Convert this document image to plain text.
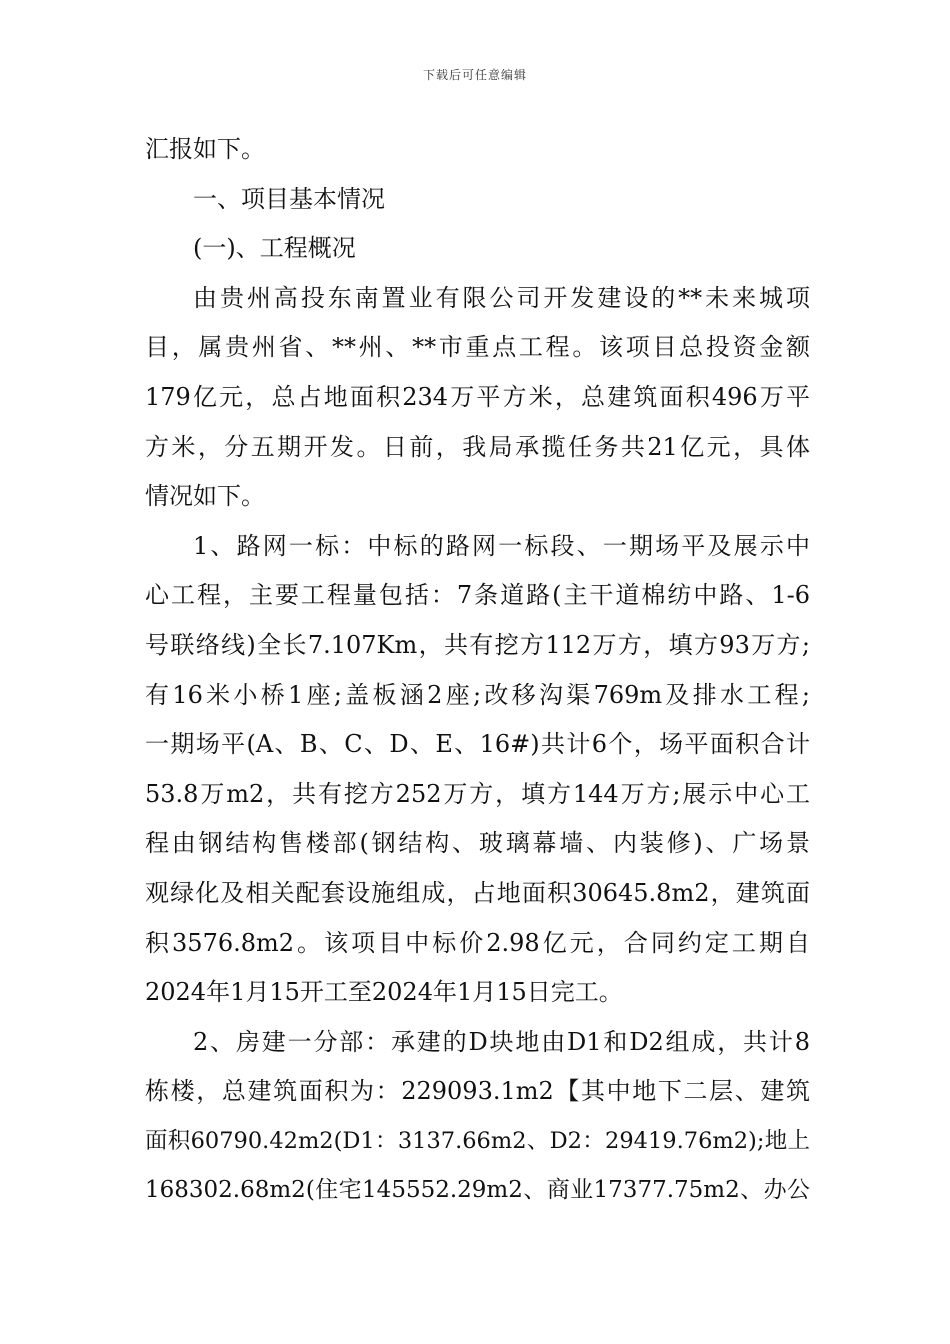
下载后可任意编辑
汇报如下。
一、项目基本情况
(一)、工程概况
由贵州高投东南置业有限公司开发建设的**未来城项
目，属贵州省、**州、**市重点工程。该项目总投资金额
179亿元，总占地面积234万平方米，总建筑面积496万平
方米，分五期开发。日前，我局承揽任务共21亿元，具体
情况如下。
1、路网一标：中标的路网一标段、一期场平及展示中
心工程，主要工程量包括：7条道路(主干道棉纺中路、1-6
号联络线)全长7.107Km，共有挖方112万方，填方93万方;
有16米小桥1座;盖板涵2座;改移沟渠769m及排水工程;
一期场平(A、B、C、D、E、16#)共计6个，场平面积合计
53.8万m2，共有挖方252万方，填方144万方;展示中心工
程由钢结构售楼部(钢结构、玻璃幕墙、内装修)、广场景
观绿化及相关配套设施组成，占地面积30645.8m2，建筑面
积3576.8m2。该项目中标价2.98亿元，合同约定工期自
2024年1月15开工至2024年1月15日完工。
2、房建一分部：承建的D块地由D1和D2组成，共计8
栋楼，总建筑面积为：229093.1m2【其中地下二层、建筑
面积60790.42m2(D1：3137.66m2、D2：29419.76m2);地上
168302.68m2(住宅145552.29m2、商业17377.75m2、办公
